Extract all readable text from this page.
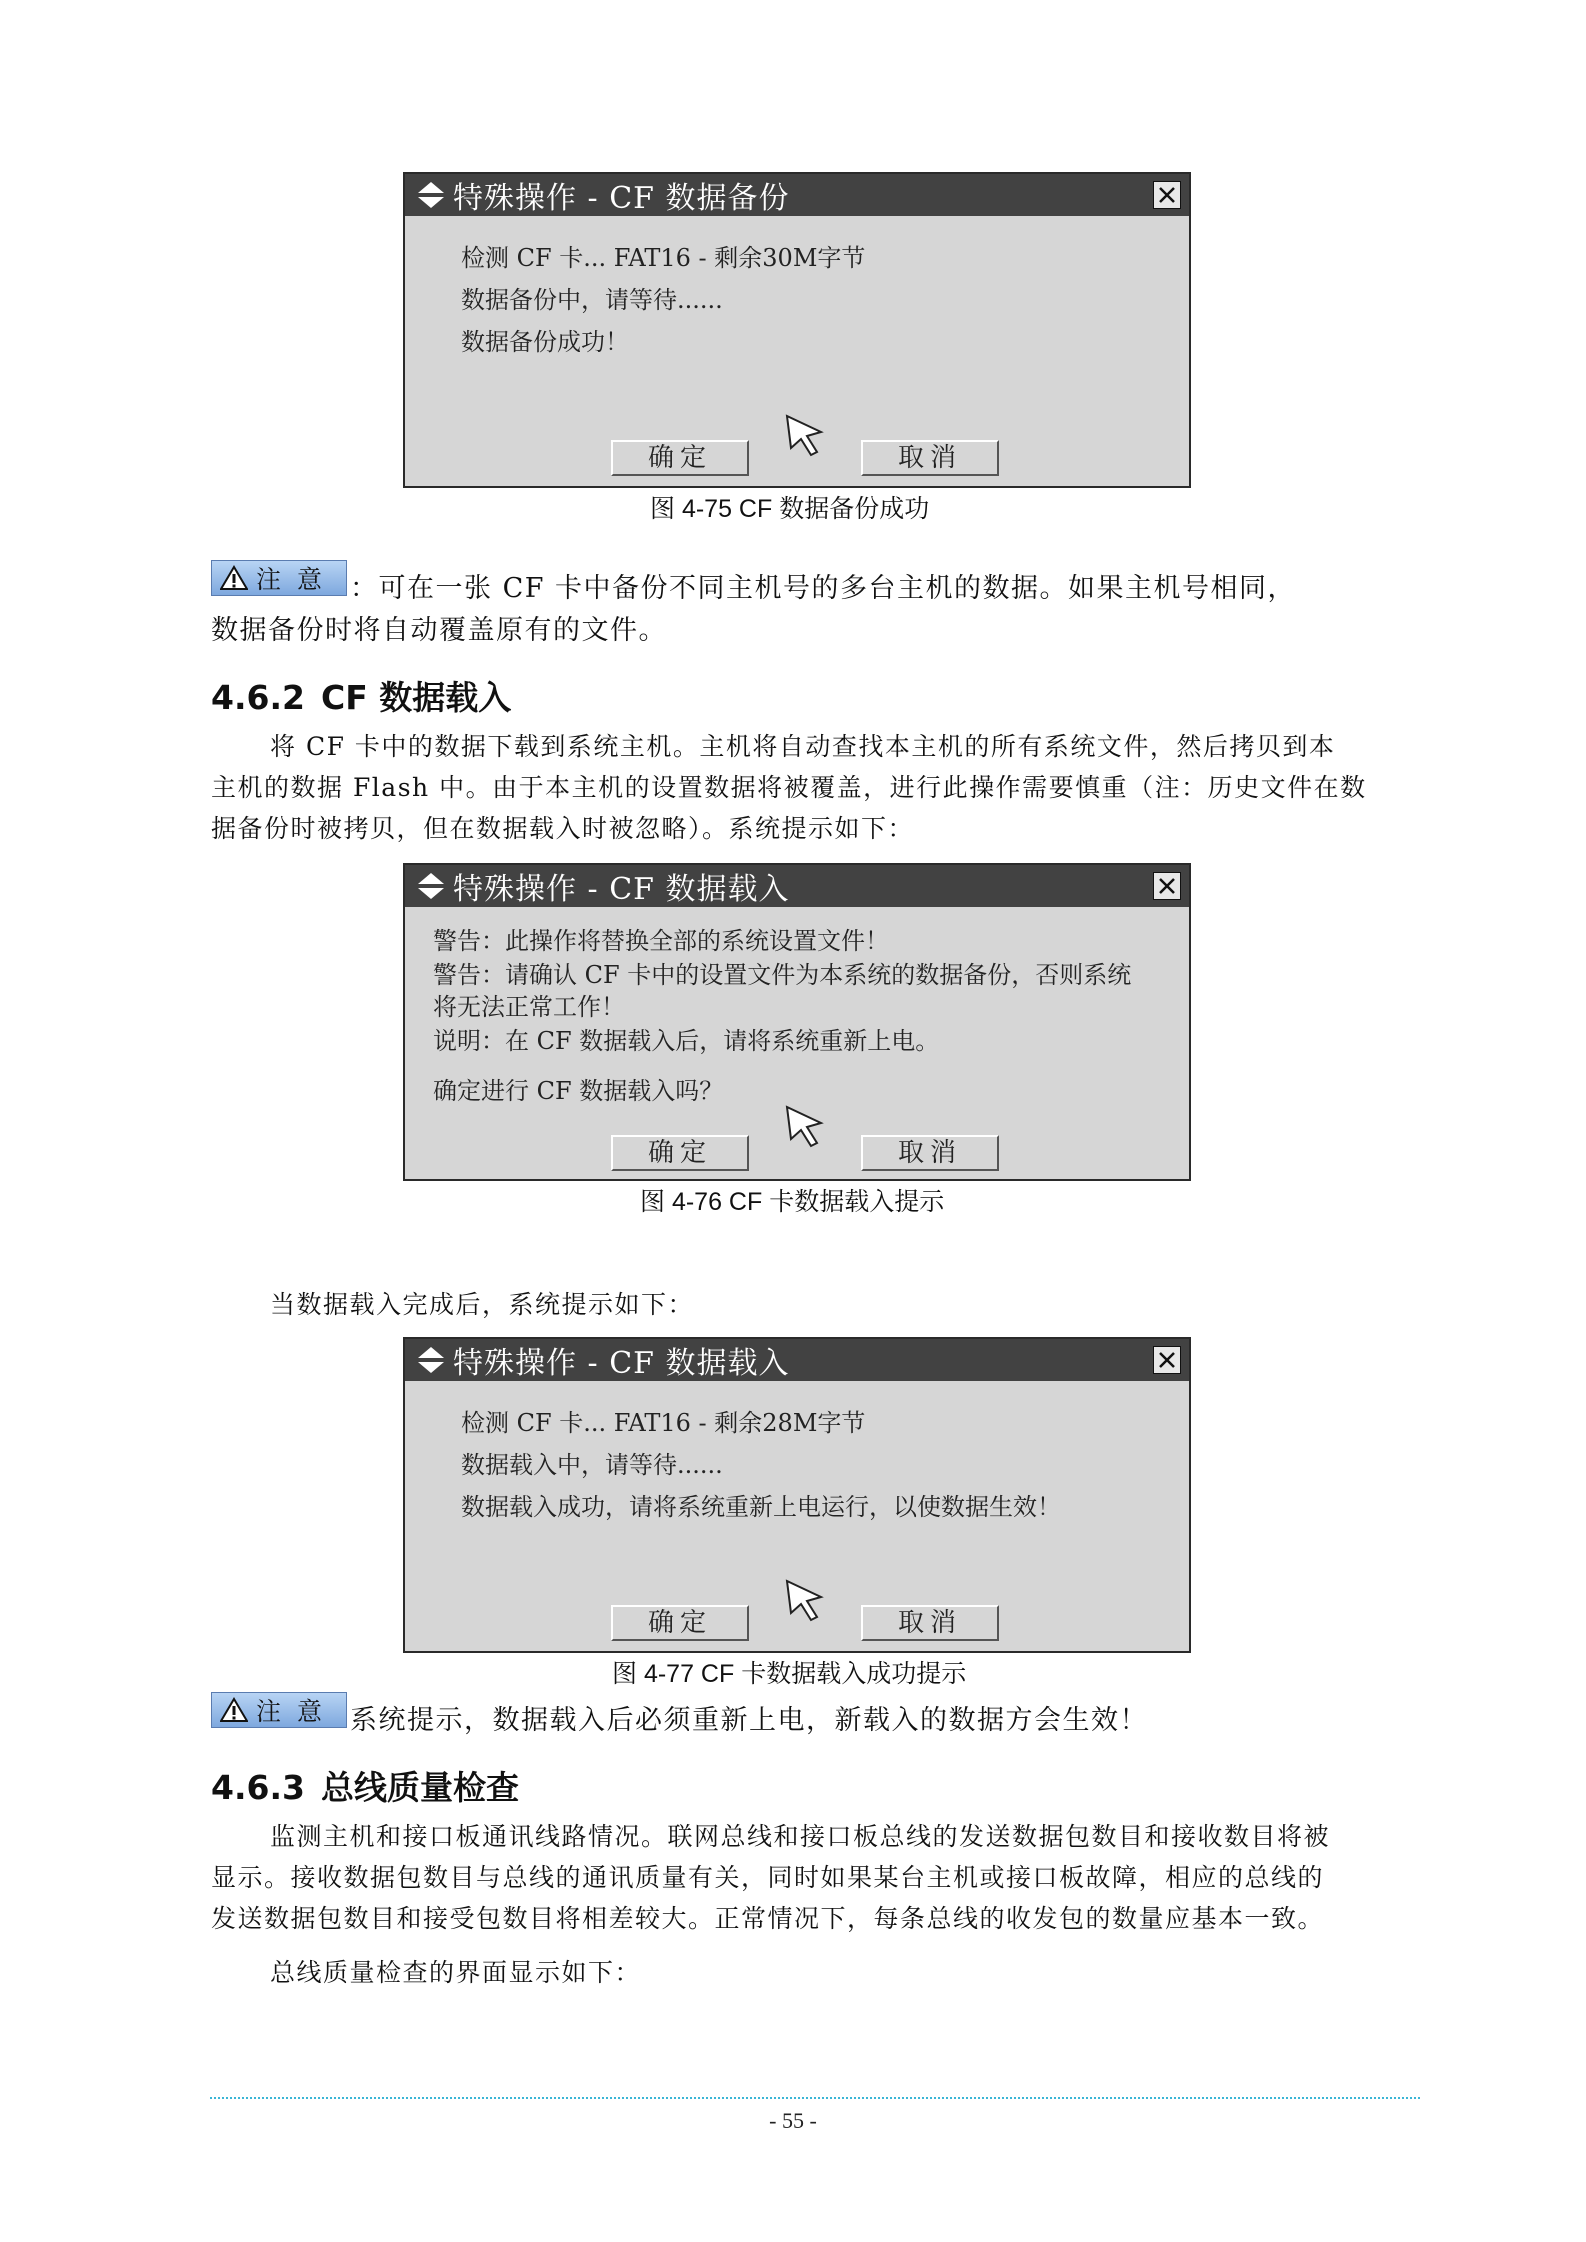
特殊操作 - CF 数据备份
检测 CF 卡... FAT16 - 剩余30M字节
数据备份中，请等待......
数据备份成功！
确定	取消
图 4-75 CF 数据备份成功
注 意 ：可在一张 CF 卡中备份不同主机号的多台主机的数据。如果主机号相同，
数据备份时将自动覆盖原有的文件。
4.6.2 CF 数据载入
将 CF 卡中的数据下载到系统主机。主机将自动查找本主机的所有系统文件，然后拷贝到本
主机的数据 Flash 中。由于本主机的设置数据将被覆盖，进行此操作需要慎重（注：历史文件在数
据备份时被拷贝，但在数据载入时被忽略）。系统提示如下：
特殊操作 - CF 数据载入
警告：此操作将替换全部的系统设置文件！
警告：请确认 CF 卡中的设置文件为本系统的数据备份，否则系统
将无法正常工作！
说明：在 CF 数据载入后，请将系统重新上电。
确定进行 CF 数据载入吗？
确定	取消
图 4-76 CF 卡数据载入提示
当数据载入完成后，系统提示如下：
特殊操作 - CF 数据载入
检测 CF 卡... FAT16 - 剩余28M字节
数据载入中，请等待......
数据载入成功，请将系统重新上电运行，以使数据生效！
确定	取消
图 4-77 CF 卡数据载入成功提示
注 意 系统提示，数据载入后必须重新上电，新载入的数据方会生效！
4.6.3 总线质量检查
监测主机和接口板通讯线路情况。联网总线和接口板总线的发送数据包数目和接收数目将被
显示。接收数据包数目与总线的通讯质量有关，同时如果某台主机或接口板故障，相应的总线的
发送数据包数目和接受包数目将相差较大。正常情况下，每条总线的收发包的数量应基本一致。
总线质量检查的界面显示如下：
- 55 -
